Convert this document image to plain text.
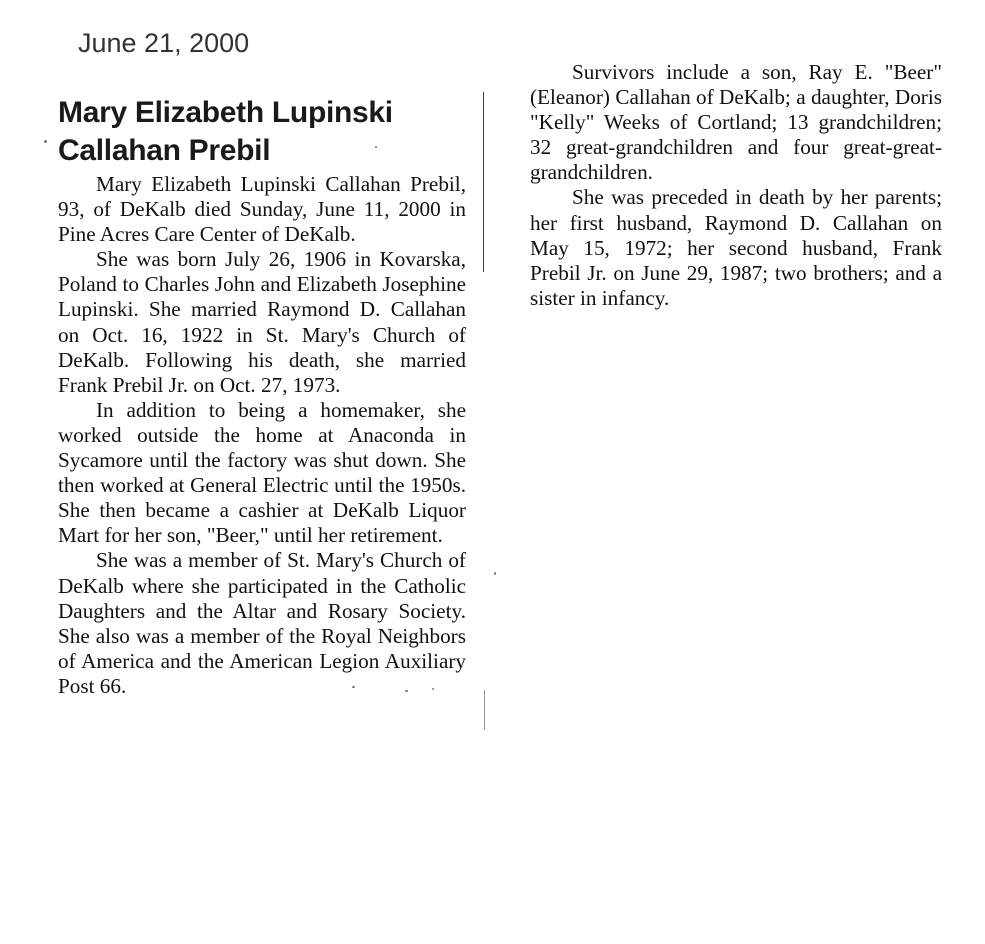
June 21, 2000
Mary Elizabeth Lupinski Callahan Prebil

Mary Elizabeth Lupinski Callahan Prebil, 93, of DeKalb died Sunday, June 11, 2000 in Pine Acres Care Center of DeKalb.

She was born July 26, 1906 in Kovarska, Poland to Charles John and Elizabeth Josephine Lupinski. She married Raymond D. Callahan on Oct. 16, 1922 in St. Mary's Church of DeKalb. Following his death, she married Frank Prebil Jr. on Oct. 27, 1973.

In addition to being a homemaker, she worked outside the home at Anaconda in Sycamore until the factory was shut down. She then worked at General Electric until the 1950s. She then became a cashier at DeKalb Liquor Mart for her son, "Beer," until her retirement.

She was a member of St. Mary's Church of DeKalb where she participated in the Catholic Daughters and the Altar and Rosary Society. She also was a member of the Royal Neighbors of America and the American Legion Auxiliary Post 66.

Survivors include a son, Ray E. "Beer" (Eleanor) Callahan of DeKalb; a daughter, Doris "Kelly" Weeks of Cortland; 13 grandchildren; 32 great-grandchildren and four great-great-grandchildren.

She was preceded in death by her parents; her first husband, Raymond D. Callahan on May 15, 1972; her second husband, Frank Prebil Jr. on June 29, 1987; two brothers; and a sister in infancy.
